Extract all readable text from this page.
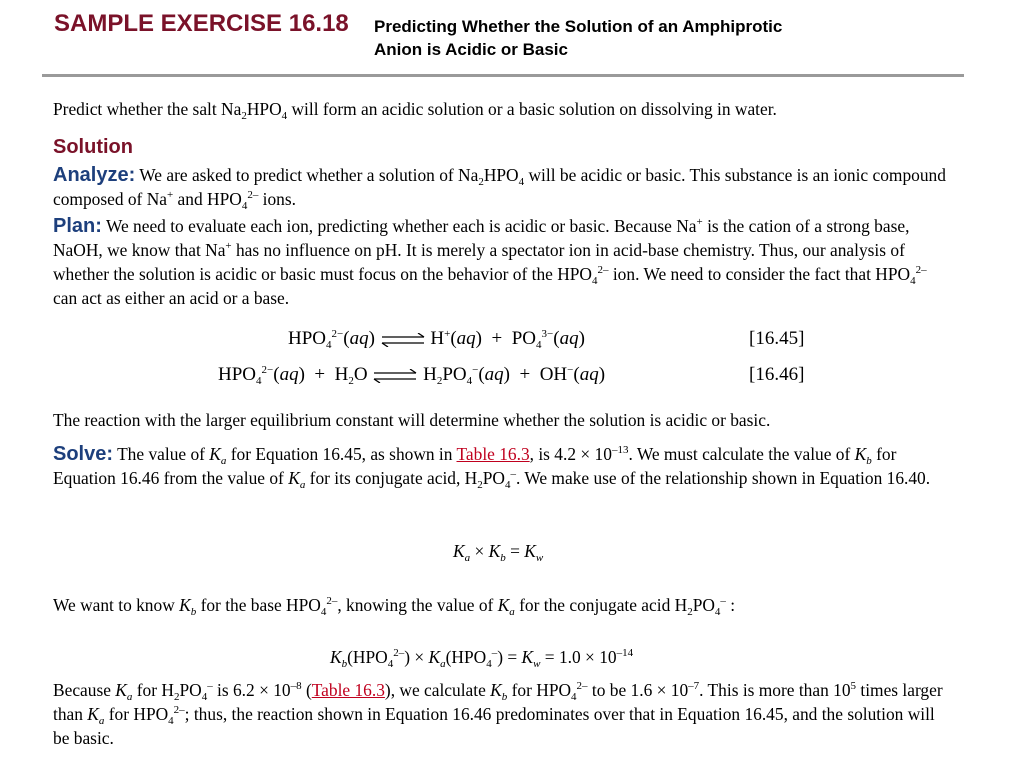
SAMPLE EXERCISE 16.18 Predicting Whether the Solution of an Amphiprotic
Anion is Acidic or Basic
Predict whether the salt $Na_2HPO_4$ will form an acidic solution or a basic solution on dissolving in water.
Solution
Analyze: We are asked to predict whether a solution of $Na_2HPO_4$ will be acidic or basic. This substance is an ionic compound composed of Na+ and $HPO_4^{2-}$ ions.
Plan: We need to evaluate each ion, predicting whether each is acidic or basic. Because Na+ is the cation of a strong base, NaOH, we know that Na+ has no influence on pH. It is merely a spectator ion in acid-base chemistry. Thus, our analysis of whether the solution is acidic or basic must focus on the behavior of the $HPO_4^{2-}$ ion. We need to consider the fact that $HPO_4^{2-}$ can act as either an acid or a base.
$HPO_4^{2-}(aq)$ ⇌ $H^+(aq) + PO_4^{3-}(aq)$	[16.45]
$HPO_4^{2-}(aq) + H_2O$ ⇌ $H_2PO_4^-(aq) + OH^-(aq)$	[16.46]
The reaction with the larger equilibrium constant will determine whether the solution is acidic or basic.
Solve: The value of $K_a$ for Equation 16.45, as shown in Table 16.3, is $4.2 \times 10^{-13}$. We must calculate the value of $K_b$ for Equation 16.46 from the value of $K_a$ for its conjugate acid, $H_2PO_4^-$. We make use of the relationship shown in Equation 16.40.
$K_a \times K_b = K_w$
We want to know $K_b$ for the base $HPO_4^{2-}$, knowing the value of $K_a$ for the conjugate acid $H_2PO_4^-$ :
$K_b(HPO_4^{2-}) \times K_a(HPO_4^-) = K_w = 1.0 \times 10^{-14}$
Because $K_a$ for $H_2PO_4^-$ is $6.2 \times 10^{-8}$ (Table 16.3), we calculate $K_b$ for $HPO_4^{2-}$ to be $1.6 \times 10^{-7}$. This is more than $10^5$ times larger than $K_a$ for $HPO_4^{2-}$; thus, the reaction shown in Equation 16.46 predominates over that in Equation 16.45, and the solution will be basic.
